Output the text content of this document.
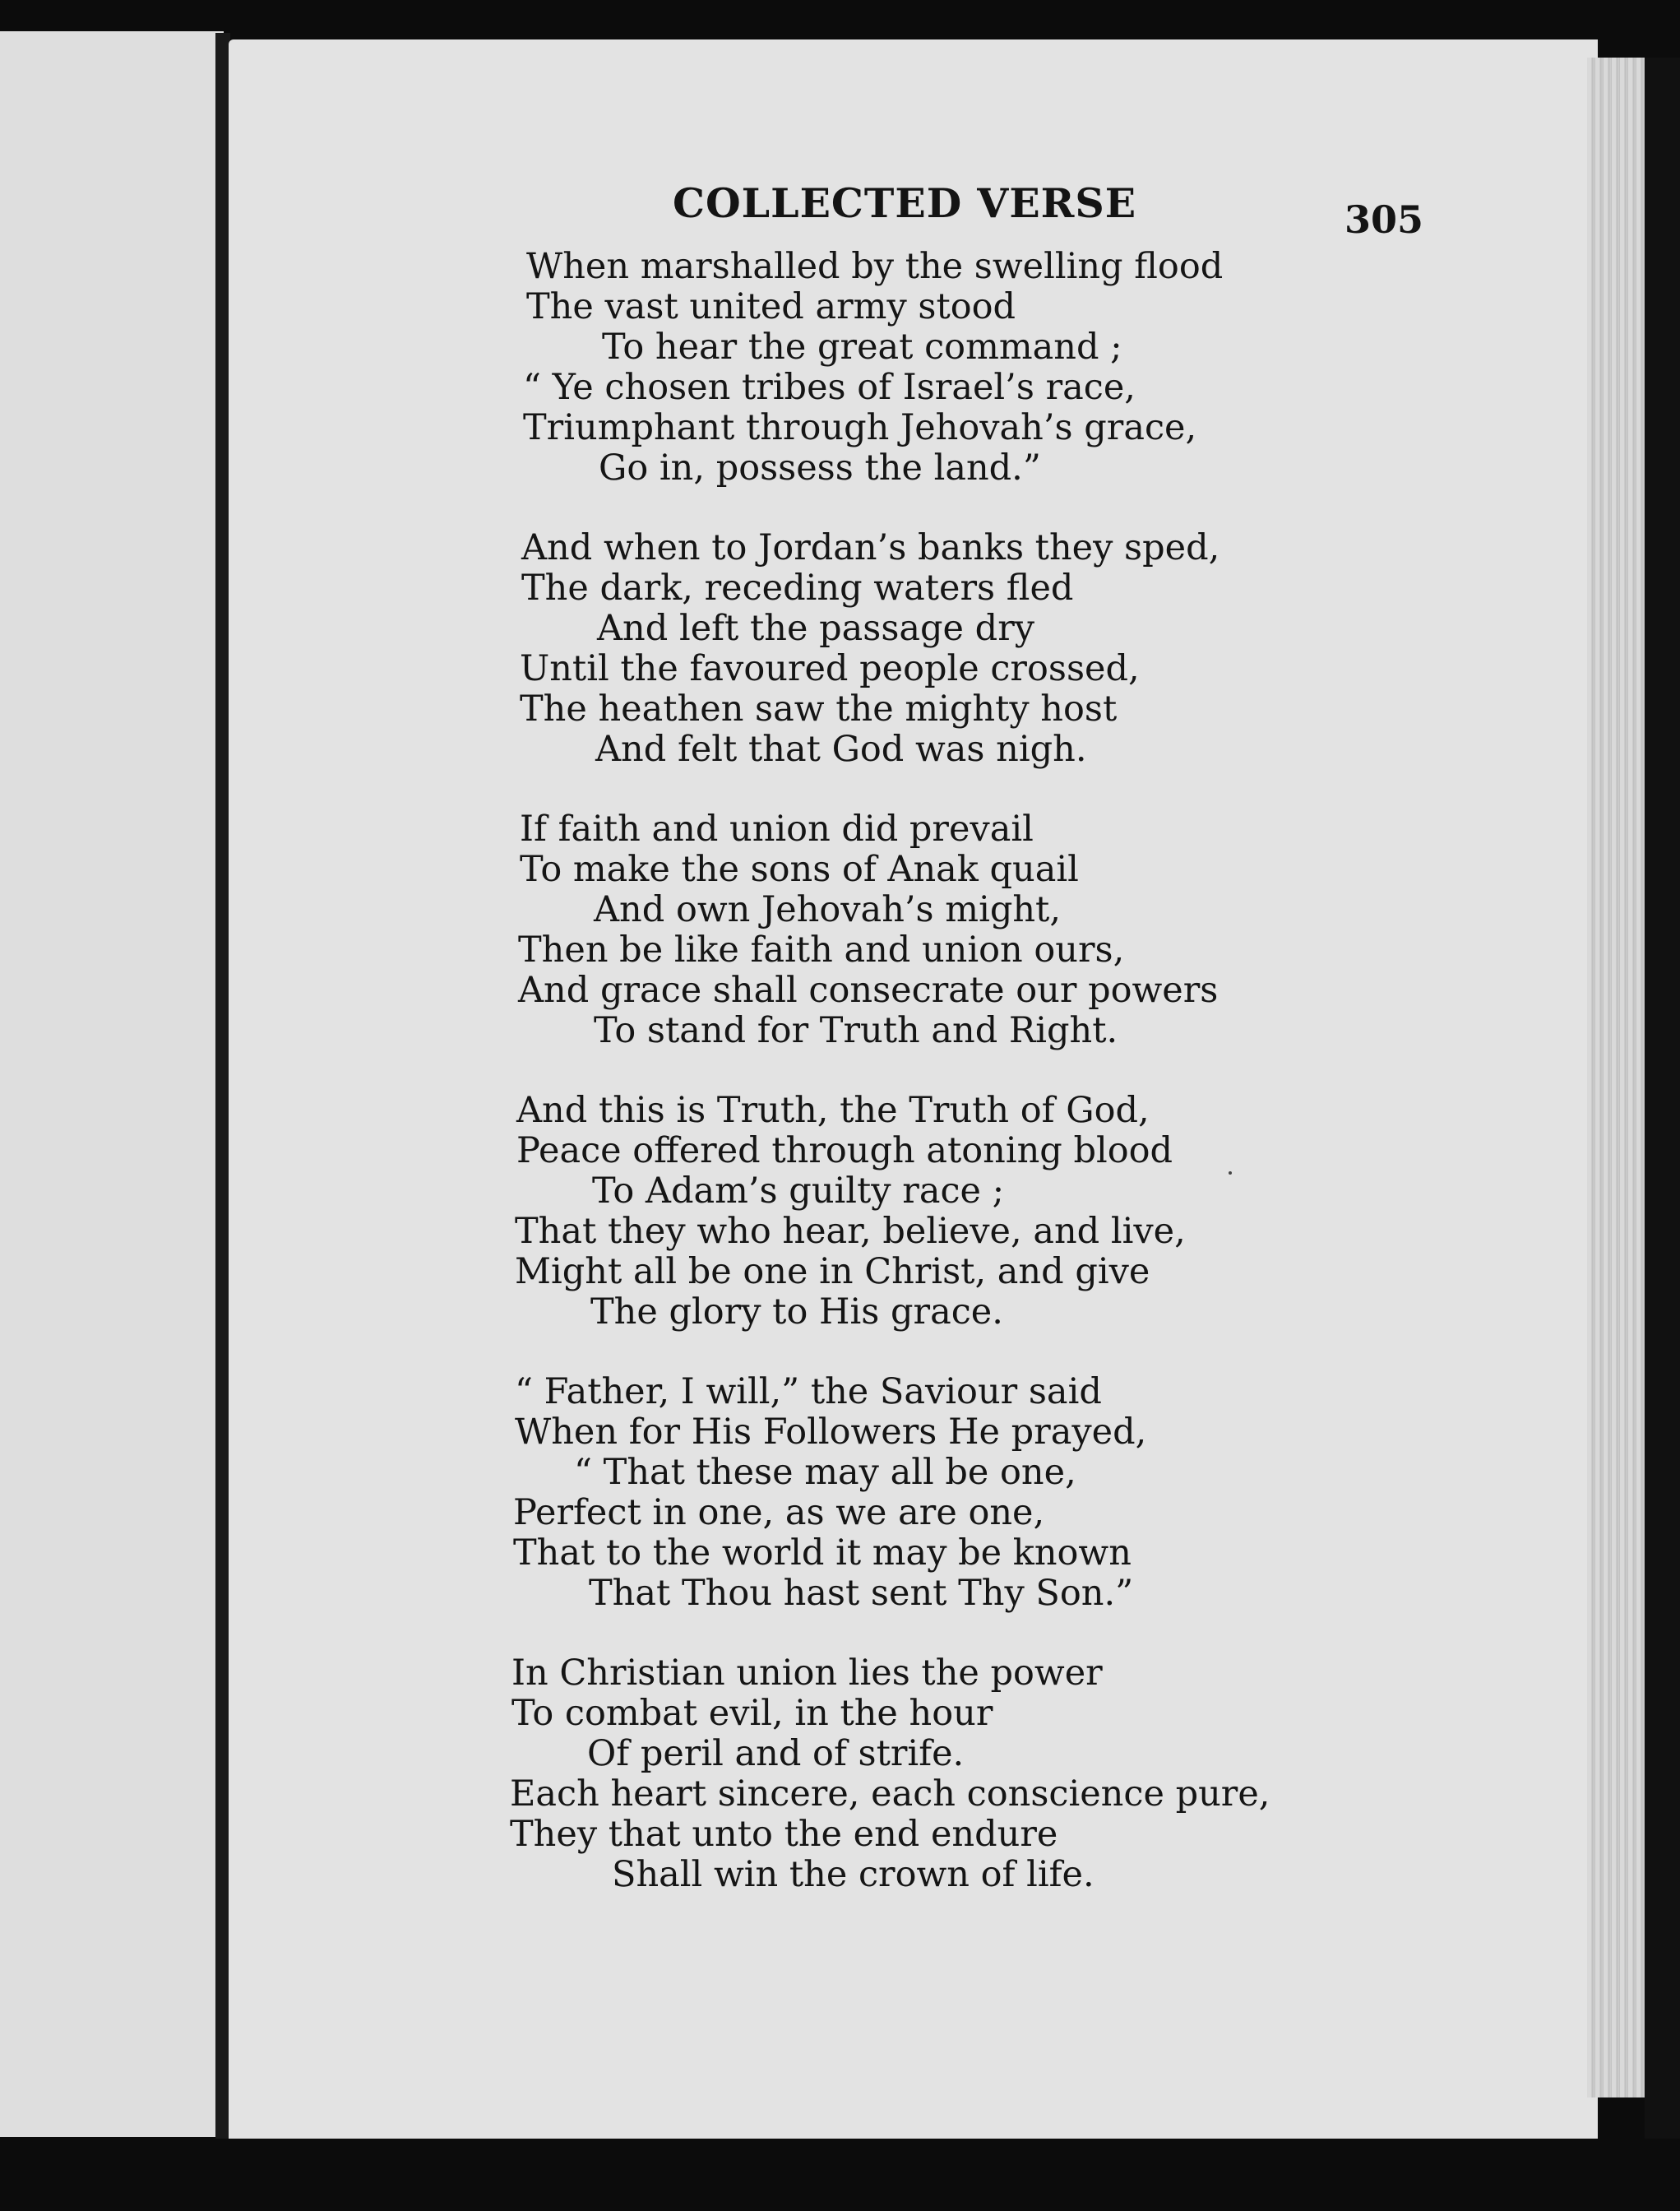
COLLECTED VERSE	305
When marshalled by the swelling flood
The vast united army stood
To hear the great command ;
“ Ye chosen tribes of Israel’s race,
Triumphant through Jehovah’s grace,
Go in, possess the land.”
And when to Jordan’s banks they sped,
The dark, receding waters fled
And left the passage dry
Until the favoured people crossed,
The heathen saw the mighty host
And felt that God was nigh.
If faith and union did prevail
To make the sons of Anak quail
And own Jehovah’s might,
Then be like faith and union ours,
And grace shall consecrate our powers
To stand for Truth and Right.
And this is Truth, the Truth of God,
Peace offered through atoning blood
To Adam’s guilty race ;
That they who hear, believe, and live,
Might all be one in Christ, and give
The glory to His grace.
“ Father, I will,” the Saviour said
When for His Followers He prayed,
“ That these may all be one,
Perfect in one, as we are one,
That to the world it may be known
That Thou hast sent Thy Son.”
In Christian union lies the power
To combat evil, in the hour
Of peril and of strife.
Each heart sincere, each conscience pure,
They that unto the end endure
Shall win the crown of life.
